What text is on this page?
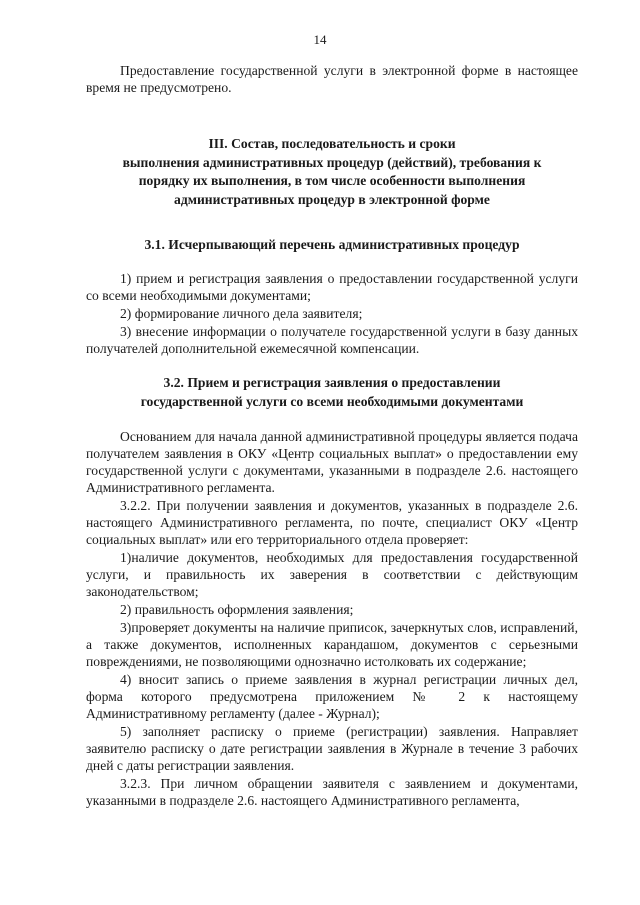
14

Предоставление государственной услуги в электронной форме в настоящее время не предусмотрено.

III. Состав, последовательность и сроки
выполнения административных процедур (действий), требования к
порядку их выполнения, в том числе особенности выполнения
административных процедур в электронной форме
3.1. Исчерпывающий перечень административных процедур

1) прием и регистрация заявления о предоставлении государственной услуги со всеми необходимыми документами;

2) формирование личного дела заявителя;

3) внесение информации о получателе государственной услуги в базу данных получателей дополнительной ежемесячной компенсации.

3.2. Прием и регистрация заявления о предоставлении
государственной услуги со всеми необходимыми документами

Основанием для начала данной административной процедуры является подача получателем заявления в ОКУ «Центр социальных выплат» о предоставлении ему государственной услуги с документами, указанными в подразделе 2.6. настоящего Административного регламента.

3.2.2. При получении заявления и документов, указанных в подразделе 2.6. настоящего Административного регламента, по почте, специалист ОКУ «Центр социальных выплат» или его территориального отдела проверяет:

1)наличие документов, необходимых для предоставления государственной услуги, и правильность их заверения в соответствии с действующим законодательством;

2) правильность оформления заявления;

3)проверяет документы на наличие приписок, зачеркнутых слов, исправлений, а также документов, исполненных карандашом, документов с серьезными повреждениями, не позволяющими однозначно истолковать их содержание;

4) вносит запись о приеме заявления в журнал регистрации личных дел, форма которого предусмотрена приложением № 2 к настоящему Административному регламенту (далее - Журнал);

5) заполняет расписку о приеме (регистрации) заявления. Направляет заявителю расписку о дате регистрации заявления в Журнале в течение 3 рабочих дней с даты регистрации заявления.

3.2.3. При личном обращении заявителя с заявлением и документами, указанными в подразделе 2.6. настоящего Административного регламента,
